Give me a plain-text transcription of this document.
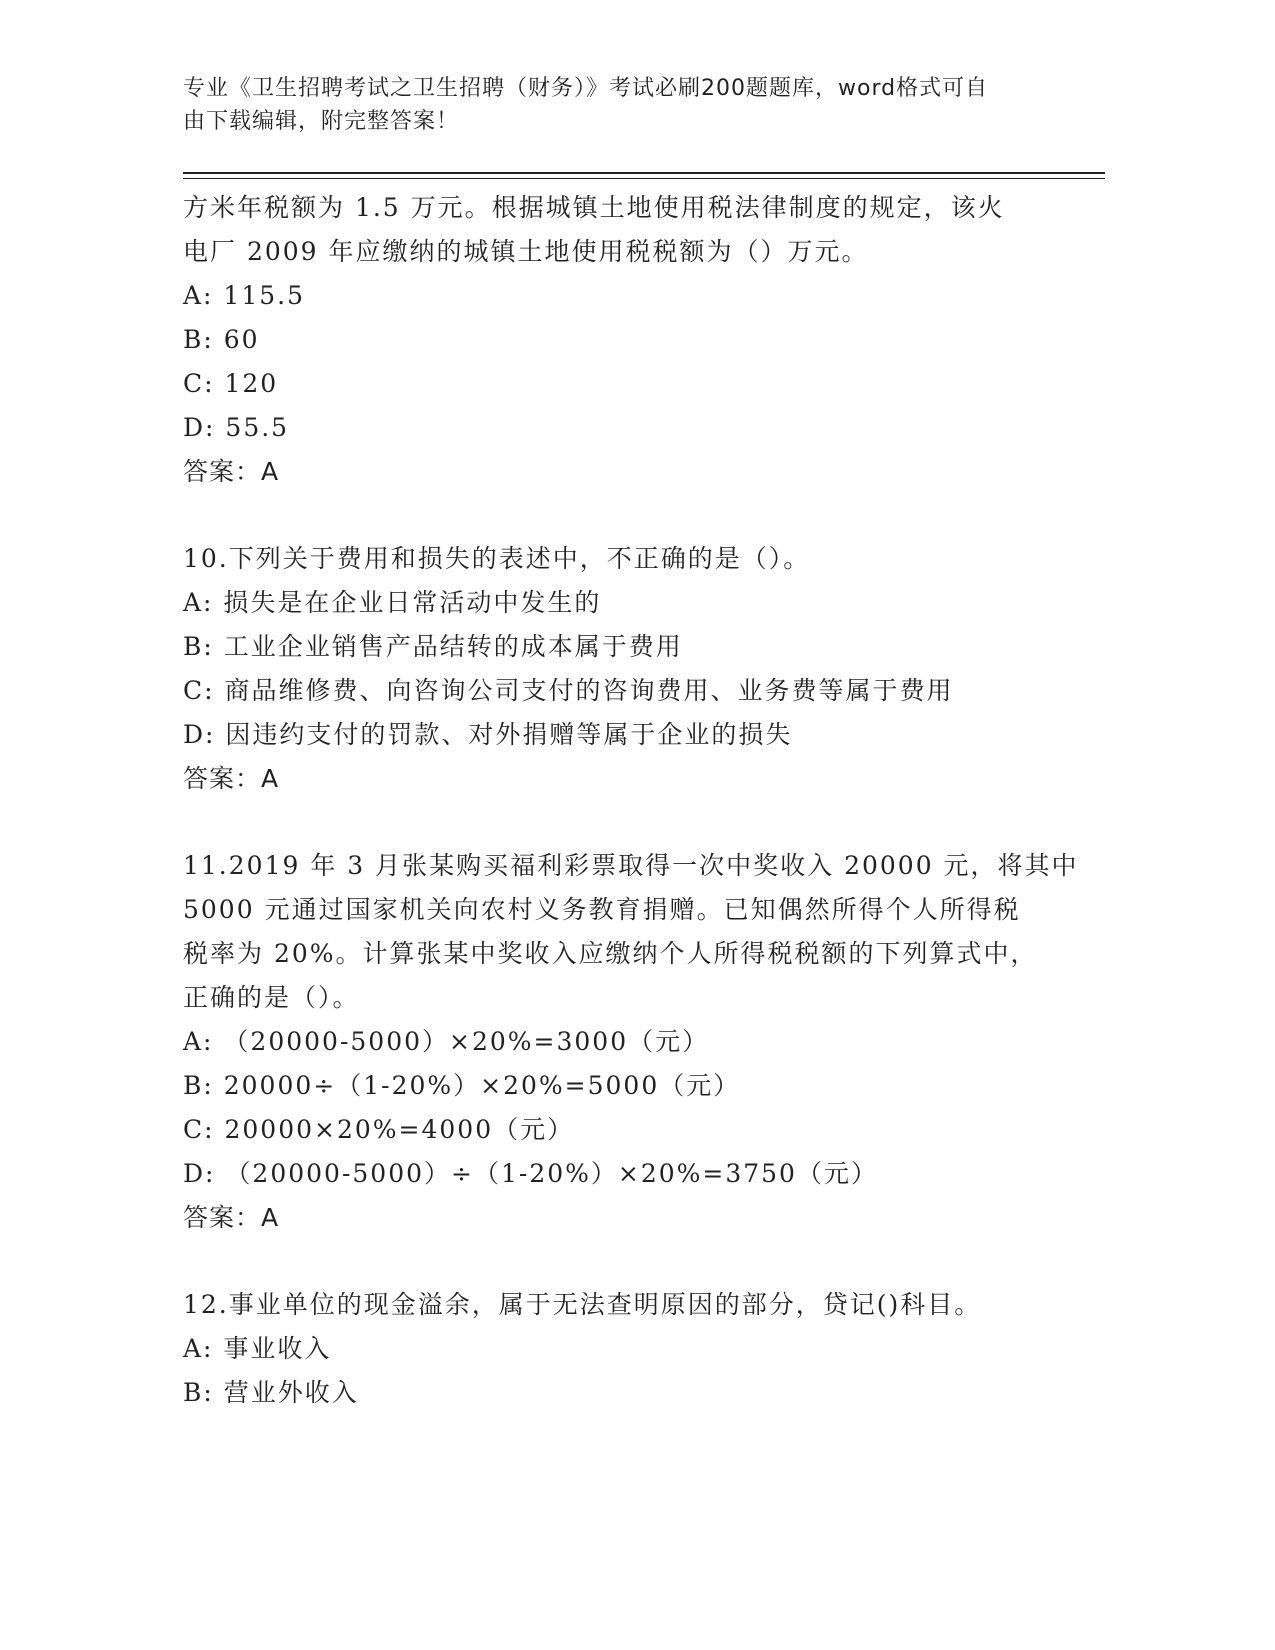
专业《卫生招聘考试之卫生招聘（财务）》考试必刷200题题库，word格式可自
由下载编辑，附完整答案！
方米年税额为 1.5 万元。根据城镇土地使用税法律制度的规定，该火
电厂 2009 年应缴纳的城镇土地使用税税额为（）万元。
A: 115.5
B: 60
C: 120
D: 55.5
答案：A
10.下列关于费用和损失的表述中，不正确的是（）。
A: 损失是在企业日常活动中发生的
B: 工业企业销售产品结转的成本属于费用
C: 商品维修费、向咨询公司支付的咨询费用、业务费等属于费用
D: 因违约支付的罚款、对外捐赠等属于企业的损失
答案：A
11.2019 年 3 月张某购买福利彩票取得一次中奖收入 20000 元，将其中
5000 元通过国家机关向农村义务教育捐赠。已知偶然所得个人所得税
税率为 20%。计算张某中奖收入应缴纳个人所得税税额的下列算式中，
正确的是（）。
A: （20000-5000）×20%=3000（元）
B: 20000÷（1-20%）×20%=5000（元）
C: 20000×20%=4000（元）
D: （20000-5000）÷（1-20%）×20%=3750（元）
答案：A
12.事业单位的现金溢余，属于无法查明原因的部分，贷记()科目。
A: 事业收入
B: 营业外收入
